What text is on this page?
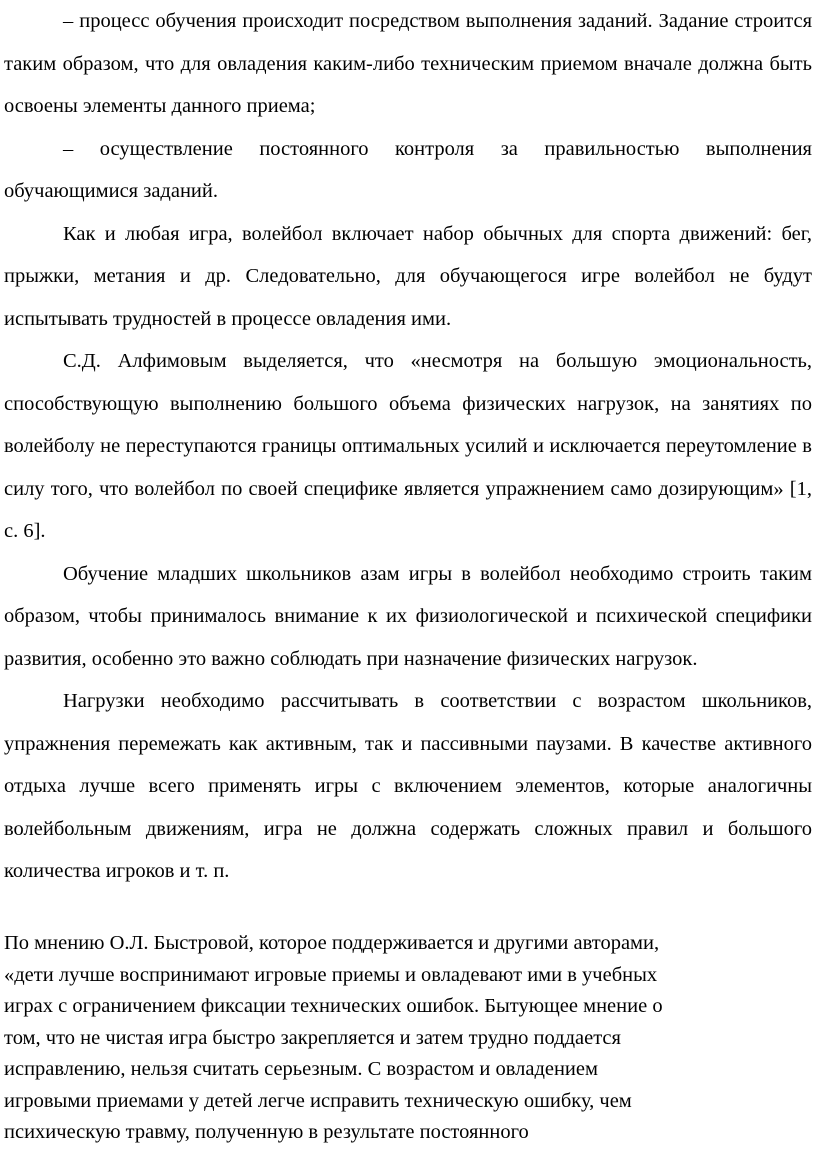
– процесс обучения происходит посредством выполнения заданий. Задание строится таким образом, что для овладения каким-либо техническим приемом вначале должна быть освоены элементы данного приема;

– осуществление постоянного контроля за правильностью выполнения обучающимися заданий.

Как и любая игра, волейбол включает набор обычных для спорта движений: бег, прыжки, метания и др. Следовательно, для обучающегося игре волейбол не будут испытывать трудностей в процессе овладения ими.

С.Д. Алфимовым выделяется, что «несмотря на большую эмоциональность, способствующую выполнению большого объема физических нагрузок, на занятиях по волейболу не переступаются границы оптимальных усилий и исключается переутомление в силу того, что волейбол по своей специфике является упражнением само дозирующим» [1, с. 6].

Обучение младших школьников азам игры в волейбол необходимо строить таким образом, чтобы принималось внимание к их физиологической и психической специфики развития, особенно это важно соблюдать при назначение физических нагрузок.

Нагрузки необходимо рассчитывать в соответствии с возрастом школьников, упражнения перемежать как активным, так и пассивными паузами. В качестве активного отдыха лучше всего применять игры с включением элементов, которые аналогичны волейбольным движениям, игра не должна содержать сложных правил и большого количества игроков и т. п.

По мнению О.Л. Быстровой, которое поддерживается и другими авторами,

«дети лучше воспринимают игровые приемы и овладевают ими в учебных

играх с ограничением фиксации технических ошибок. Бытующее мнение о

том, что не чистая игра быстро закрепляется и затем трудно поддается

исправлению, нельзя считать серьезным. С возрастом и овладением

игровыми приемами у детей легче исправить техническую ошибку, чем

психическую травму, полученную в результате постоянного
